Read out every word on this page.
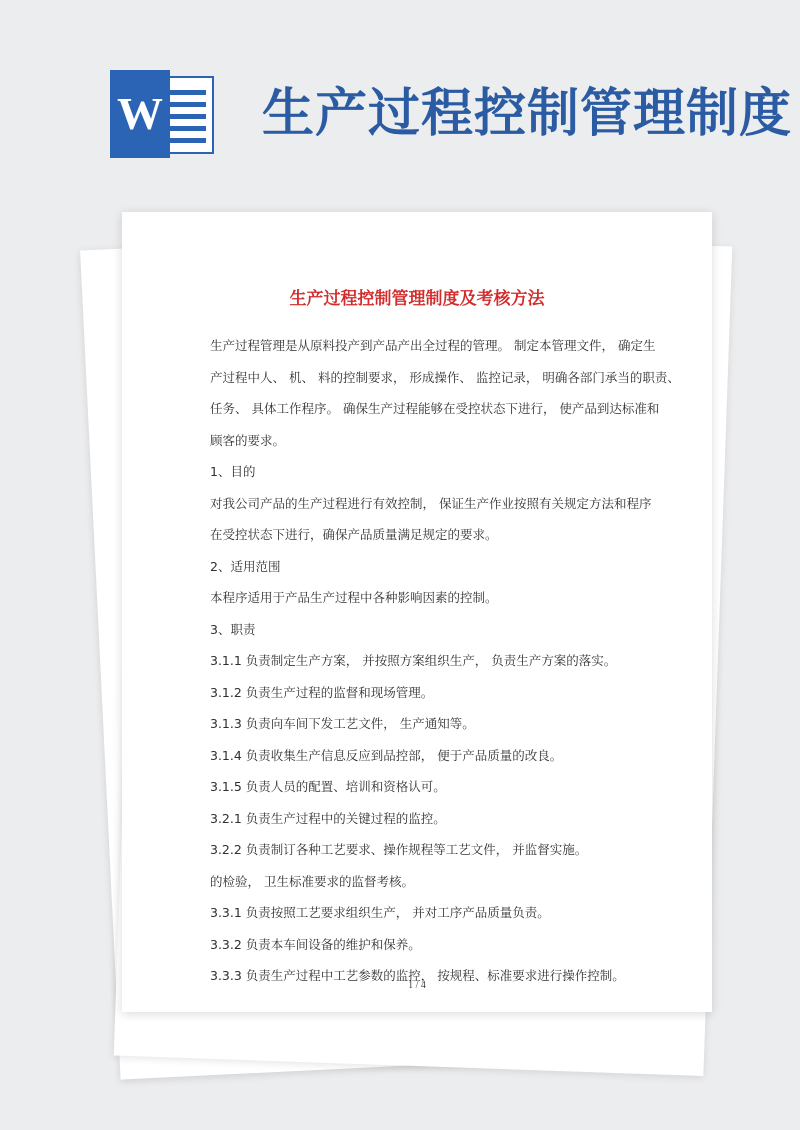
W 生产过程控制管理制度
生产过程控制管理制度及考核方法
生产过程管理是从原料投产到产品产出全过程的管理。 制定本管理文件， 确定生
产过程中人、 机、 料的控制要求， 形成操作、 监控记录， 明确各部门承当的职责、
任务、 具体工作程序。 确保生产过程能够在受控状态下进行， 使产品到达标准和
顾客的要求。
1、目的
对我公司产品的生产过程进行有效控制， 保证生产作业按照有关规定方法和程序
在受控状态下进行，确保产品质量满足规定的要求。
2、适用范围
本程序适用于产品生产过程中各种影响因素的控制。
3、职责
3.1.1 负责制定生产方案， 并按照方案组织生产， 负责生产方案的落实。
3.1.2 负责生产过程的监督和现场管理。
3.1.3 负责向车间下发工艺文件， 生产通知等。
3.1.4 负责收集生产信息反应到品控部， 便于产品质量的改良。
3.1.5 负责人员的配置、培训和资格认可。
3.2.1 负责生产过程中的关键过程的监控。
3.2.2 负责制订各种工艺要求、操作规程等工艺文件， 并监督实施。
的检验， 卫生标准要求的监督考核。
3.3.1 负责按照工艺要求组织生产， 并对工序产品质量负责。
3.3.2 负责本车间设备的维护和保养。
3.3.3 负责生产过程中工艺参数的监控， 按规程、标准要求进行操作控制。
1 / 4
